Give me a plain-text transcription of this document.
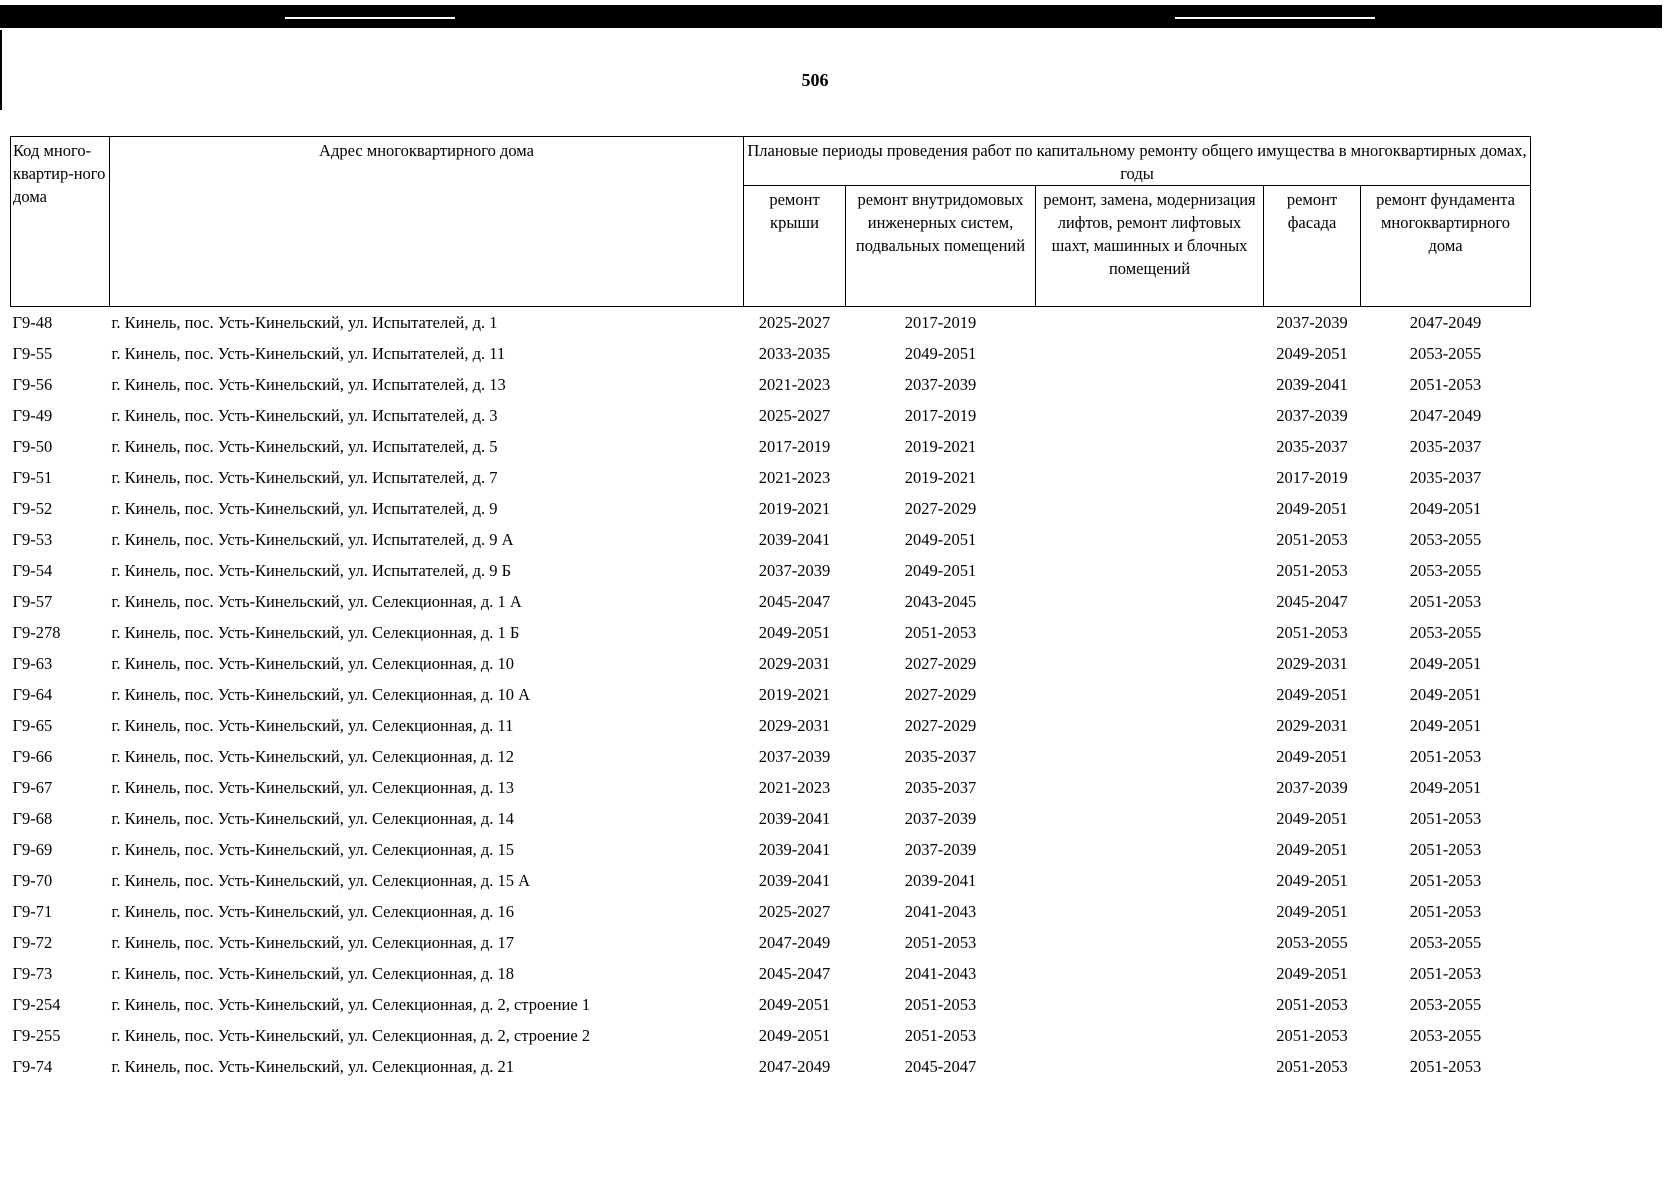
506
Код много-квартир-ного дома	Адрес многоквартирного дома	Плановые периоды проведения работ по капитальному ремонту общего имущества в многоквартирных домах, годы				
		ремонт крыши	ремонт внутридомовых инженерных систем, подвальных помещений	ремонт, замена, модернизация лифтов, ремонт лифтовых шахт, машинных и блочных помещений	ремонт фасада	ремонт фундамента многоквартирного дома
Г9-48	г. Кинель, пос. Усть-Кинельский, ул. Испытателей, д. 1	2025-2027	2017-2019		2037-2039	2047-2049
Г9-55	г. Кинель, пос. Усть-Кинельский, ул. Испытателей, д. 11	2033-2035	2049-2051		2049-2051	2053-2055
Г9-56	г. Кинель, пос. Усть-Кинельский, ул. Испытателей, д. 13	2021-2023	2037-2039		2039-2041	2051-2053
Г9-49	г. Кинель, пос. Усть-Кинельский, ул. Испытателей, д. 3	2025-2027	2017-2019		2037-2039	2047-2049
Г9-50	г. Кинель, пос. Усть-Кинельский, ул. Испытателей, д. 5	2017-2019	2019-2021		2035-2037	2035-2037
Г9-51	г. Кинель, пос. Усть-Кинельский, ул. Испытателей, д. 7	2021-2023	2019-2021		2017-2019	2035-2037
Г9-52	г. Кинель, пос. Усть-Кинельский, ул. Испытателей, д. 9	2019-2021	2027-2029		2049-2051	2049-2051
Г9-53	г. Кинель, пос. Усть-Кинельский, ул. Испытателей, д. 9 А	2039-2041	2049-2051		2051-2053	2053-2055
Г9-54	г. Кинель, пос. Усть-Кинельский, ул. Испытателей, д. 9 Б	2037-2039	2049-2051		2051-2053	2053-2055
Г9-57	г. Кинель, пос. Усть-Кинельский, ул. Селекционная, д. 1 А	2045-2047	2043-2045		2045-2047	2051-2053
Г9-278	г. Кинель, пос. Усть-Кинельский, ул. Селекционная, д. 1 Б	2049-2051	2051-2053		2051-2053	2053-2055
Г9-63	г. Кинель, пос. Усть-Кинельский, ул. Селекционная, д. 10	2029-2031	2027-2029		2029-2031	2049-2051
Г9-64	г. Кинель, пос. Усть-Кинельский, ул. Селекционная, д. 10 А	2019-2021	2027-2029		2049-2051	2049-2051
Г9-65	г. Кинель, пос. Усть-Кинельский, ул. Селекционная, д. 11	2029-2031	2027-2029		2029-2031	2049-2051
Г9-66	г. Кинель, пос. Усть-Кинельский, ул. Селекционная, д. 12	2037-2039	2035-2037		2049-2051	2051-2053
Г9-67	г. Кинель, пос. Усть-Кинельский, ул. Селекционная, д. 13	2021-2023	2035-2037		2037-2039	2049-2051
Г9-68	г. Кинель, пос. Усть-Кинельский, ул. Селекционная, д. 14	2039-2041	2037-2039		2049-2051	2051-2053
Г9-69	г. Кинель, пос. Усть-Кинельский, ул. Селекционная, д. 15	2039-2041	2037-2039		2049-2051	2051-2053
Г9-70	г. Кинель, пос. Усть-Кинельский, ул. Селекционная, д. 15 А	2039-2041	2039-2041		2049-2051	2051-2053
Г9-71	г. Кинель, пос. Усть-Кинельский, ул. Селекционная, д. 16	2025-2027	2041-2043		2049-2051	2051-2053
Г9-72	г. Кинель, пос. Усть-Кинельский, ул. Селекционная, д. 17	2047-2049	2051-2053		2053-2055	2053-2055
Г9-73	г. Кинель, пос. Усть-Кинельский, ул. Селекционная, д. 18	2045-2047	2041-2043		2049-2051	2051-2053
Г9-254	г. Кинель, пос. Усть-Кинельский, ул. Селекционная, д. 2, строение 1	2049-2051	2051-2053		2051-2053	2053-2055
Г9-255	г. Кинель, пос. Усть-Кинельский, ул. Селекционная, д. 2, строение 2	2049-2051	2051-2053		2051-2053	2053-2055
Г9-74	г. Кинель, пос. Усть-Кинельский, ул. Селекционная, д. 21	2047-2049	2045-2047		2051-2053	2051-2053
